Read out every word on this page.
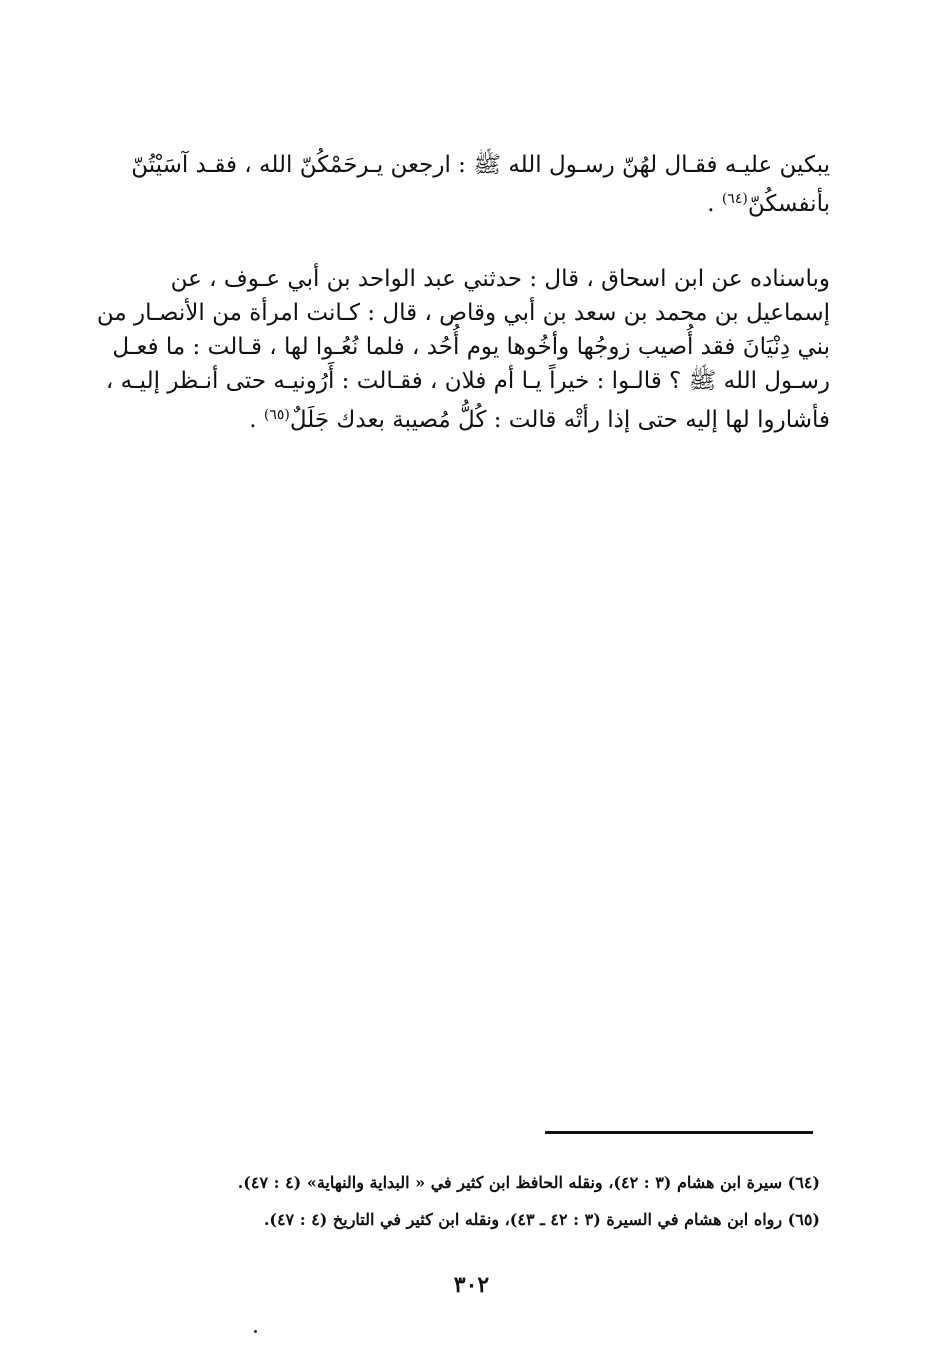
يبكين عليـه فقـال لهُنّ رسـول الله ﷺ : ارجعن يـرحَمْكُنّ الله ، فقـد آسَيْتُنّ
بأنفسكُنّ$^{(٦٤)}$ .
وباسناده عن ابن اسحاق ، قال : حدثني عبد الواحد بن أبي عـوف ، عن
إسماعيل بن محمد بن سعد بن أبي وقاص ، قال : كـانت امرأة من الأنصـار من
بني دِنْيَانَ فقد أُصيب زوجُها وأخُوها يوم أُحُد ، فلما نُعُـوا لها ، قـالت : ما فعـل
رسـول الله ﷺ ؟ قالـوا : خيراً يـا أم فلان ، فقـالت : أَرُونيـه حتى أنـظر إليـه ،
فأشاروا لها إليه حتى إذا رأتْه قالت : كُلُّ مُصيبة بعدك جَلَلٌ$^{(٦٥)}$ .
(٦٤) سيرة ابن هشام (٣ : ٤٢)، ونقله الحافظ ابن كثير في « البداية والنهاية» (٤ : ٤٧).
(٦٥) رواه ابن هشام في السيرة (٣ : ٤٢ ـ ٤٣)، ونقله ابن كثير في التاريخ (٤ : ٤٧).
٣٠٢
